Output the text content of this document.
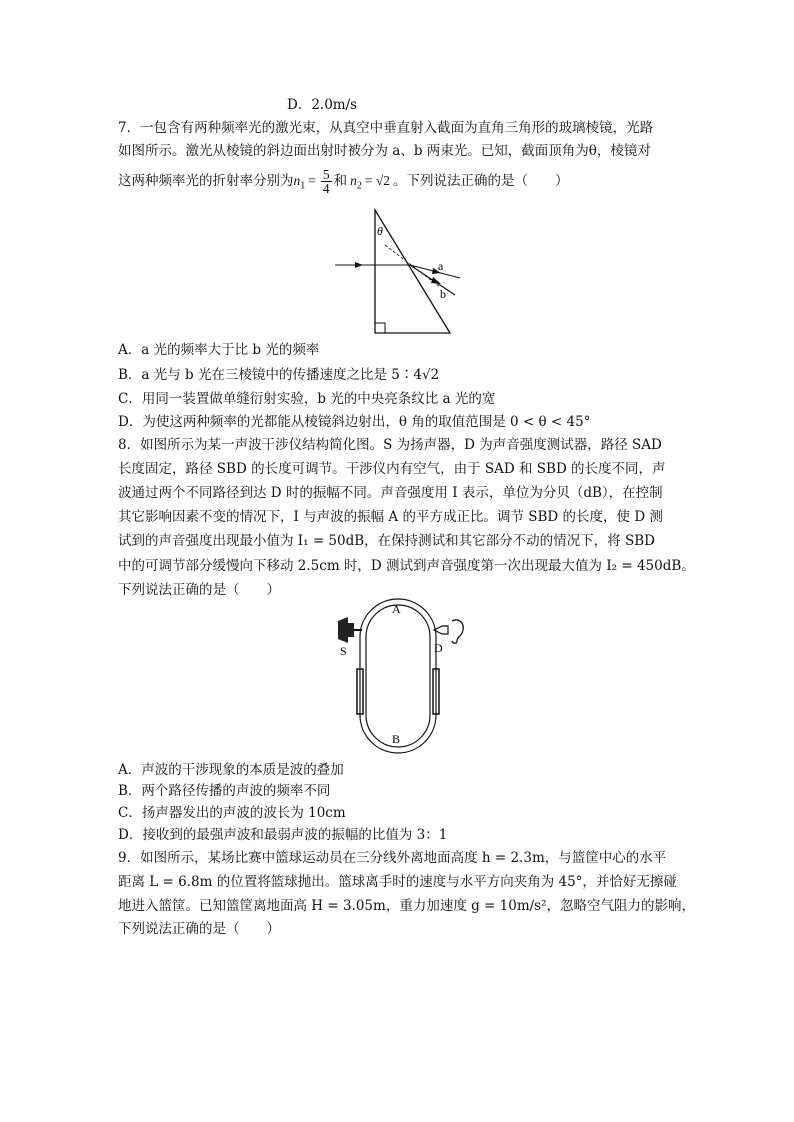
D．2.0m/s
7．一包含有两种频率光的激光束，从真空中垂直射入截面为直角三角形的玻璃棱镜，光路
如图所示。激光从棱镜的斜边面出射时被分为 a、b 两束光。已知，截面顶角为θ，棱镜对
这两种频率光的折射率分别为$n_1 = \frac{5}{4}$ 和 $n_2 = √2$ 。下列说法正确的是（　　）
θ
a
b
A．a 光的频率大于比 b 光的频率
B．a 光与 b 光在三棱镜中的传播速度之比是 5∶4√2
C．用同一装置做单缝衍射实验，b 光的中央亮条纹比 a 光的宽
D．为使这两种频率的光都能从棱镜斜边射出，θ 角的取值范围是 0 < θ < 45°
8．如图所示为某一声波干涉仪结构简化图。S 为扬声器，D 为声音强度测试器，路径 SAD
长度固定，路径 SBD 的长度可调节。干涉仪内有空气，由于 SAD 和 SBD 的长度不同，声
波通过两个不同路径到达 D 时的振幅不同。声音强度用 I 表示，单位为分贝（dB），在控制
其它影响因素不变的情况下，I 与声波的振幅 A 的平方成正比。调节 SBD 的长度，使 D 测
试到的声音强度出现最小值为 I₁ = 50dB，在保持测试和其它部分不动的情况下，将 SBD
中的可调节部分缓慢向下移动 2.5cm 时，D 测试到声音强度第一次出现最大值为 I₂ = 450dB。
下列说法正确的是（　　）
A
B
S	D
A．声波的干涉现象的本质是波的叠加
B．两个路径传播的声波的频率不同
C．扬声器发出的声波的波长为 10cm
D．接收到的最强声波和最弱声波的振幅的比值为 3：1
9．如图所示，某场比赛中篮球运动员在三分线外离地面高度 h = 2.3m，与篮筐中心的水平
距离 L = 6.8m 的位置将篮球抛出。篮球离手时的速度与水平方向夹角为 45°，并恰好无擦碰
地进入篮筐。已知篮筐离地面高 H = 3.05m，重力加速度 g = 10m/s²，忽略空气阻力的影响，
下列说法正确的是（　　）
